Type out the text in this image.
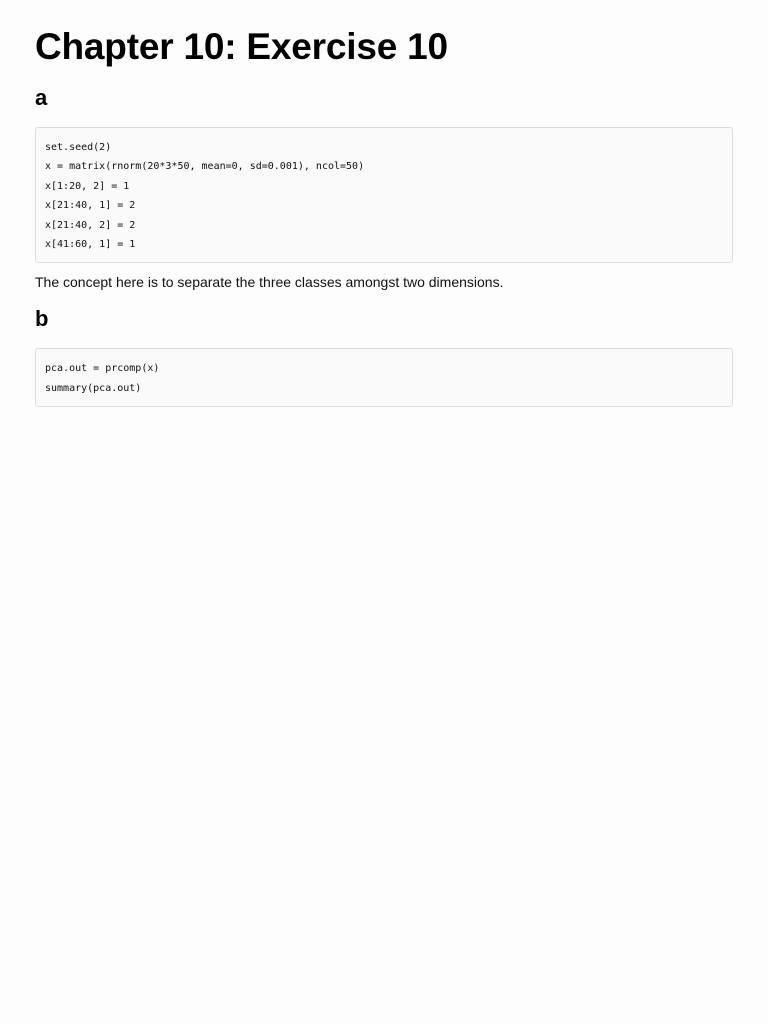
Chapter 10: Exercise 10
a
set.seed(2)
x = matrix(rnorm(20*3*50, mean=0, sd=0.001), ncol=50)
x[1:20, 2] = 1
x[21:40, 1] = 2
x[21:40, 2] = 2
x[41:60, 1] = 1

The concept here is to separate the three classes amongst two dimensions.

b
pca.out = prcomp(x)
summary(pca.out)
